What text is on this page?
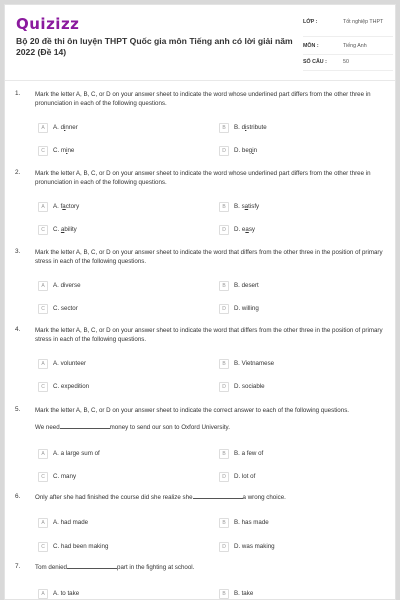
Quizizz
Bộ 20 đề thi ôn luyện THPT Quốc gia môn Tiếng anh có lời giải năm 2022 (Đề 14)
LỚP :	Tốt nghiệp THPT
MÔN :	Tiếng Anh
SỐ CÂU :	50
1. Mark the letter A, B, C, or D on your answer sheet to indicate the word whose underlined part differs from the other three in pronunciation in each of the following questions.
A	A. dinner	B	B. distribute
C	C. mine	D	D. begin
2. Mark the letter A, B, C, or D on your answer sheet to indicate the word whose underlined part differs from the other three in pronunciation in each of the following questions.
A	A. factory	B	B. satisfy
C	C. ability	D	D. easy
3. Mark the letter A, B, C, or D on your answer sheet to indicate the word that differs from the other three in the position of primary stress in each of the following questions.
A	A. diverse	B	B. desert
C	C. sector	D	D. willing
4. Mark the letter A, B, C, or D on your answer sheet to indicate the word that differs from the other three in the position of primary stress in each of the following questions.
A	A. volunteer	B	B. Vietnamese
C	C. expedition	D	D. sociable
5. Mark the letter A, B, C, or D on your answer sheet to indicate the correct answer to each of the following questions.
We need	money to send our son to Oxford University.
A	A. a large sum of	B	B. a few of
C	C. many	D	D. lot of
6. Only after she had finished the course did she realize she	a wrong choice.
A	A. had made	B	B. has made
C	C. had been making	D	D. was making
7. Tom denied	part in the fighting at school.
A	A. to take	B	B. take
